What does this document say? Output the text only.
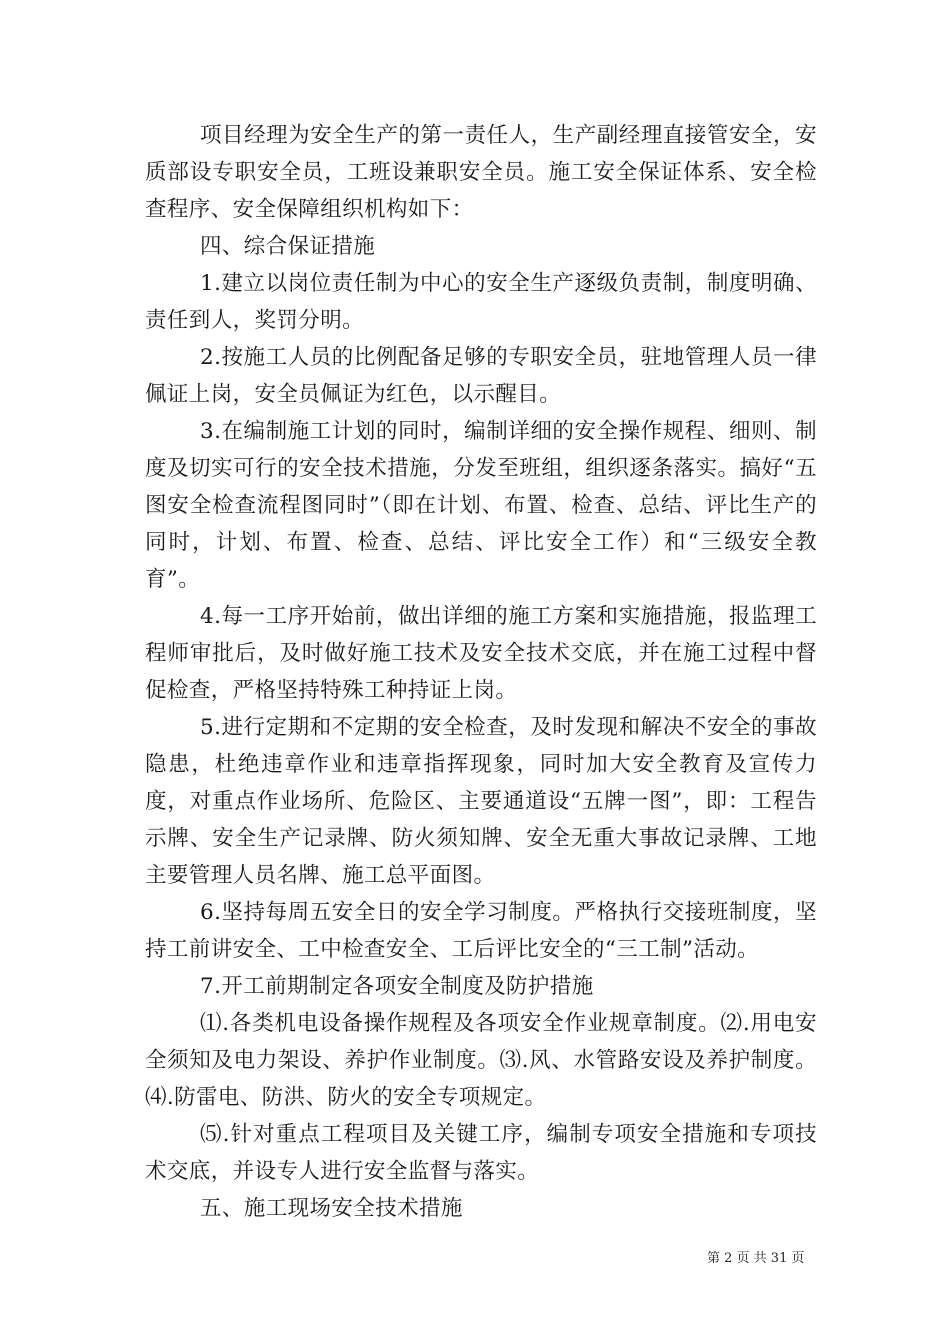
项目经理为安全生产的第一责任人，生产副经理直接管安全，安质部设专职安全员，工班设兼职安全员。施工安全保证体系、安全检查程序、安全保障组织机构如下：

四、综合保证措施

1.建立以岗位责任制为中心的安全生产逐级负责制，制度明确、责任到人，奖罚分明。

2.按施工人员的比例配备足够的专职安全员，驻地管理人员一律佩证上岗，安全员佩证为红色，以示醒目。

3.在编制施工计划的同时，编制详细的安全操作规程、细则、制度及切实可行的安全技术措施，分发至班组，组织逐条落实。搞好“五图安全检查流程图同时”（即在计划、布置、检查、总结、评比生产的同时，计划、布置、检查、总结、评比安全工作）和“三级安全教育”。

4.每一工序开始前，做出详细的施工方案和实施措施，报监理工程师审批后，及时做好施工技术及安全技术交底，并在施工过程中督促检查，严格坚持特殊工种持证上岗。

5.进行定期和不定期的安全检查，及时发现和解决不安全的事故隐患，杜绝违章作业和违章指挥现象，同时加大安全教育及宣传力度，对重点作业场所、危险区、主要通道设“五牌一图”，即：工程告示牌、安全生产记录牌、防火须知牌、安全无重大事故记录牌、工地主要管理人员名牌、施工总平面图。

6.坚持每周五安全日的安全学习制度。严格执行交接班制度，坚持工前讲安全、工中检查安全、工后评比安全的“三工制”活动。

7.开工前期制定各项安全制度及防护措施

⑴.各类机电设备操作规程及各项安全作业规章制度。⑵.用电安全须知及电力架设、养护作业制度。⑶.风、水管路安设及养护制度。⑷.防雷电、防洪、防火的安全专项规定。

⑸.针对重点工程项目及关键工序，编制专项安全措施和专项技术交底，并设专人进行安全监督与落实。

五、施工现场安全技术措施

第 2 页 共 31 页
